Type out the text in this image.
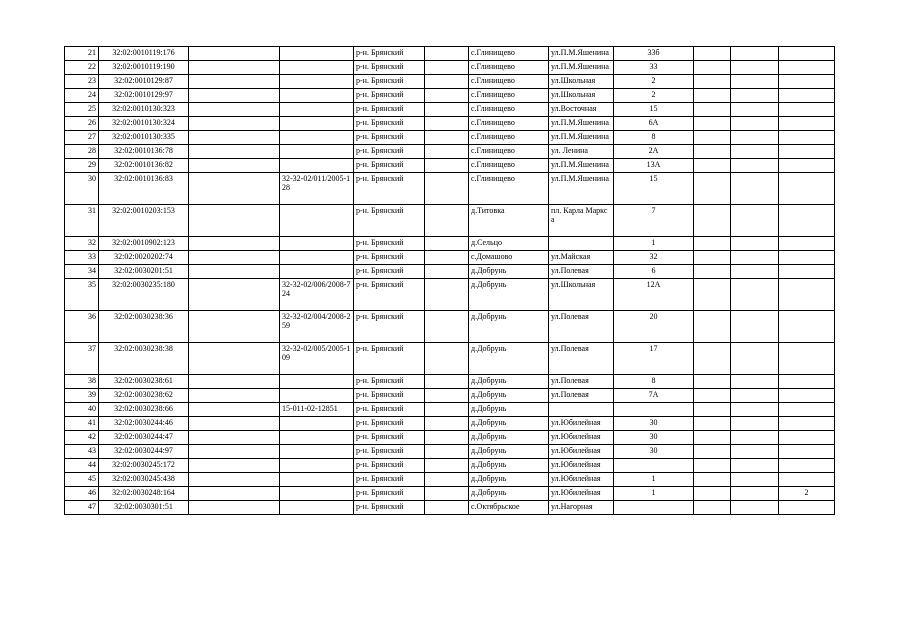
21	32:02:0010119:176			р-н. Брянский		с.Глинищево	ул.П.М.Яшенина	33б			
22	32:02:0010119:190			р-н. Брянский		с.Глинищево	ул.П.М.Яшенина	33			
23	32:02:0010129:87			р-н. Брянский		с.Глинищево	ул.Школьная	2			
24	32:02:0010129:97			р-н. Брянский		с.Глинищево	ул.Школьная	2			
25	32:02:0010130:323			р-н. Брянский		с.Глинищево	ул.Восточная	15			
26	32:02:0010130:324			р-н. Брянский		с.Глинищево	ул.П.М.Яшенина	6А			
27	32:02:0010130:335			р-н. Брянский		с.Глинищево	ул.П.М.Яшенина	8			
28	32:02:0010136:78			р-н. Брянский		с.Глинищево	ул. Ленина	2А			
29	32:02:0010136:82			р-н. Брянский		с.Глинищево	ул.П.М.Яшенина	13А			
30	32:02:0010136:83		32-32-02/011/2005-128	р-н. Брянский		с.Глинищево	ул.П.М.Яшенина	15			
31	32:02:0010203:153			р-н. Брянский		д.Титовка	пл. Карла Маркса	7			
32	32:02:0010902:123			р-н. Брянский		д.Сельцо		1			
33	32:02:0020202:74			р-н. Брянский		с.Домашово	ул.Майская	32			
34	32:02:0030201:51			р-н. Брянский		д.Добрунь	ул.Полевая	6			
35	32:02:0030235:180		32-32-02/006/2008-724	р-н. Брянский		д.Добрунь	ул.Школьная	12А			
36	32:02:0030238:36		32-32-02/004/2008-259	р-н. Брянский		д.Добрунь	ул.Полевая	20			
37	32:02:0030238:38		32-32-02/005/2005-109	р-н. Брянский		д.Добрунь	ул.Полевая	17			
38	32:02:0030238:61			р-н. Брянский		д.Добрунь	ул.Полевая	8			
39	32:02:0030238:62			р-н. Брянский		д.Добрунь	ул.Полевая	7А			
40	32:02:0030238:66		15-011-02-12851	р-н. Брянский		д.Добрунь					
41	32:02:0030244:46			р-н. Брянский		д.Добрунь	ул.Юбилейная	30			
42	32:02:0030244:47			р-н. Брянский		д.Добрунь	ул.Юбилейная	30			
43	32:02:0030244:97			р-н. Брянский		д.Добрунь	ул.Юбилейная	30			
44	32:02:0030245:172			р-н. Брянский		д.Добрунь	ул.Юбилейная				
45	32:02:0030245:438			р-н. Брянский		д.Добрунь	ул.Юбилейная	1			
46	32:02:0030248:164			р-н. Брянский		д.Добрунь	ул.Юбилейная	1			2
47	32:02:0030301:51			р-н. Брянский		с.Октябрьское	ул.Нагорная				
